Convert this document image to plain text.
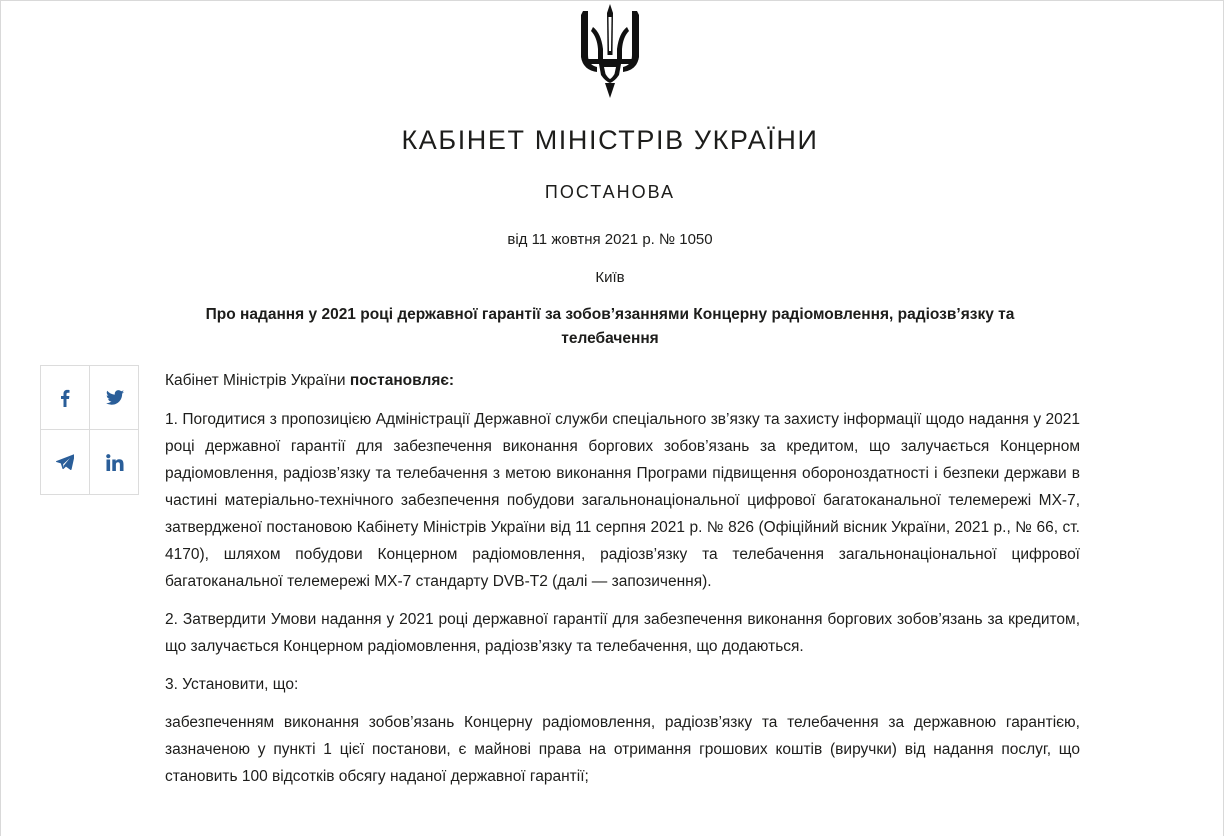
КАБІНЕТ МІНІСТРІВ УКРАЇНИ
ПОСТАНОВА
від 11 жовтня 2021 р. № 1050
Київ
Про надання у 2021 році державної гарантії за зобов’язаннями Концерну радіомовлення, радіозв’язку та телебачення

Кабінет Міністрів України постановляє:

1. Погодитися з пропозицією Адміністрації Державної служби спеціального зв’язку та захисту інформації щодо надання у 2021 році державної гарантії для забезпечення виконання боргових зобов’язань за кредитом, що залучається Концерном радіомовлення, радіозв’язку та телебачення з метою виконання Програми підвищення обороноздатності і безпеки держави в частині матеріально-технічного забезпечення побудови загальнонаціональної цифрової багатоканальної телемережі МХ-7, затвердженої постановою Кабінету Міністрів України від 11 серпня 2021 р. № 826 (Офіційний вісник України, 2021 р., № 66, ст. 4170), шляхом побудови Концерном радіомовлення, радіозв’язку та телебачення загальнонаціональної цифрової багатоканальної телемережі МХ-7 стандарту DVB-T2 (далі — запозичення).

2. Затвердити Умови надання у 2021 році державної гарантії для забезпечення виконання боргових зобов’язань за кредитом, що залучається Концерном радіомовлення, радіозв’язку та телебачення, що додаються.

3. Установити, що:

забезпеченням виконання зобов’язань Концерну радіомовлення, радіозв’язку та телебачення за державною гарантією, зазначеною у пункті 1 цієї постанови, є майнові права на отримання грошових коштів (виручки) від надання послуг, що становить 100 відсотків обсягу наданої державної гарантії;
